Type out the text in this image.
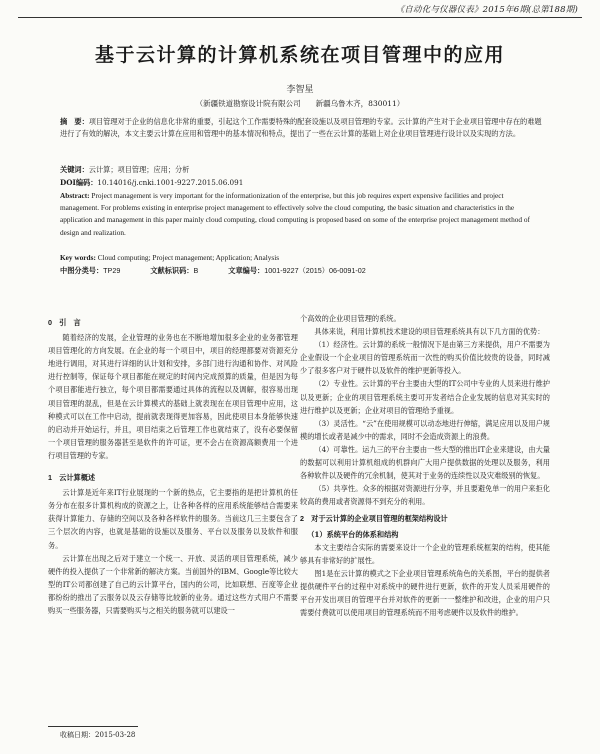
《自动化与仪器仪表》2015年6期(总第188期)
基于云计算的计算机系统在项目管理中的应用
李智星
（新疆铁道勘察设计院有限公司　　新疆乌鲁木齐，830011）
摘　要：项目管理对于企业的信息化非常的重要，引起这个工作需要特殊的配套设施以及项目管理的专家。云计算的产生对于企业项目管理中存在的难题进行了有效的解决，本文主要云计算在应用和管理中的基本情况和特点，提出了一些在云计算的基础上对企业项目管理进行设计以及实现的方法。
关键词：云计算；项目管理；应用；分析
DOI编码：10.14016/j.cnki.1001-9227.2015.06.091
Abstract: Project management is very important for the informationization of the enterprise, but this job requires expert expensive facilities and project management. For problems existing in enterprise project management to effectively solve the cloud computing, the basic situation and characteristics in the application and management in this paper mainly cloud computing, cloud computing is proposed based on some of the enterprise project management method of design and realization.
Key words: Cloud computing; Project management; Application; Analysis
中图分类号：TP29	文献标识码：B	文章编号：1001-9227（2015）06-0091-02
0　引　言

随着经济的发展，企业管理的业务也在不断地增加很多企业的业务都管理项目管理化的方向发展。在企业的每一个项目中，项目的经理都要对资源充分地进行调用，对其进行详细的认计划和安排，多部门进行沟通和协作、对风险进行控制等，保证每个项目都能在规定的时间内完成预算的质量，但是因为每个项目都能进行独立，每个项目都需要通过具体的流程以及调解，很容易出现项目管理的混乱，但是在云计算模式的基础上就表现在在项目管理中应用，这种模式可以在工作中启动，提前就表现得更加容易，因此使项目本身能够快速的启动并开始运行，并且，项目结束之后管理工作也就结束了，没有必要保留一个项目管理的服务器甚至是软件的许可证，更不会占在资源高额费用一个进行项目管理的专家。

1　云计算概述

云计算是近年来IT行业展现的一个新的热点，它主要指的是把计算机的任务分布在很多计算机构成的资源之上，让各种各样的应用系统能够结合需要来获得计算能力、存储的空间以及各种各样软件的服务。当前这几三主要包含了三个层次的内容，也就是基础的设施以及服务、平台以及服务以及软件和服务。

云计算在出现之后对于建立一个统一、开放、灵活的项目管理系统，减少硬件的投入提供了一个非常新的解决方案。当前国外的IBM、Google等比较大型的IT公司都创建了自己的云计算平台，国内的公司，比如联想、百度等企业都纷纷的推出了云服务以及云存储等比较新的业务。通过这些方式用户不需要购买一些服务器，只需要购买与之相关的服务就可以建设一

个高效的企业项目管理的系统。

具体来说，利用计算机技术建设的项目管理系统具有以下几方面的优势：

（1）经济性。云计算的系统一般情况下是由第三方来提供，用户不需要为企业假设一个企业项目的管理系统而一次性的购买价值比较贵的设备，同时减少了很多客户对于硬件以及软件的维护更新等投入。

（2）专业性。云计算的平台主要由大型的IT公司中专业的人员来进行维护以及更新；企业的项目管理系统主要可开发者结合企业发展的信息对其实时的进行维护以及更新；企业对项目的管理给予重视。

（3）灵活性。“云”在使用规模可以动态地进行伸缩，满足应用以及用户规模的增长或者是减少中的需求，同时不会造成资源上的浪费。

（4）可靠性。运九三的平台主要由一些大型的推出IT企业来建设，由大量的数据可以利用计算机组成的机群向广大用户提供数据的处理以及服务，利用各种软件以及硬件的冗余机制，使其对于业务的连续性以及灾难级别的恢复。

（5）共享性。众多的根据对资源进行分享，并且要避免单一的用户来拒化较高的费用或者资源得不到充分的利用。

2　对于云计算的企业项目管理的框架结构设计
（1）系统平台的体系和结构

本文主要结合实际的需要来设计一个企业的管理系统框架的结构，使其能够具有非常好的扩展性。

图1是在云计算的模式之下企业项目管理系统角色的关系图，平台的提供者提供硬件平台的过程中对系统中的硬件进行更新，软件的开发人员采用硬件的平台开发出项目的管理平台并对软件的更新一一整维护和改进，企业的用户只需要付费就可以使用项目的管理系统而不用考虑硬件以及软件的维护。

收稿日期：2015-03-28
